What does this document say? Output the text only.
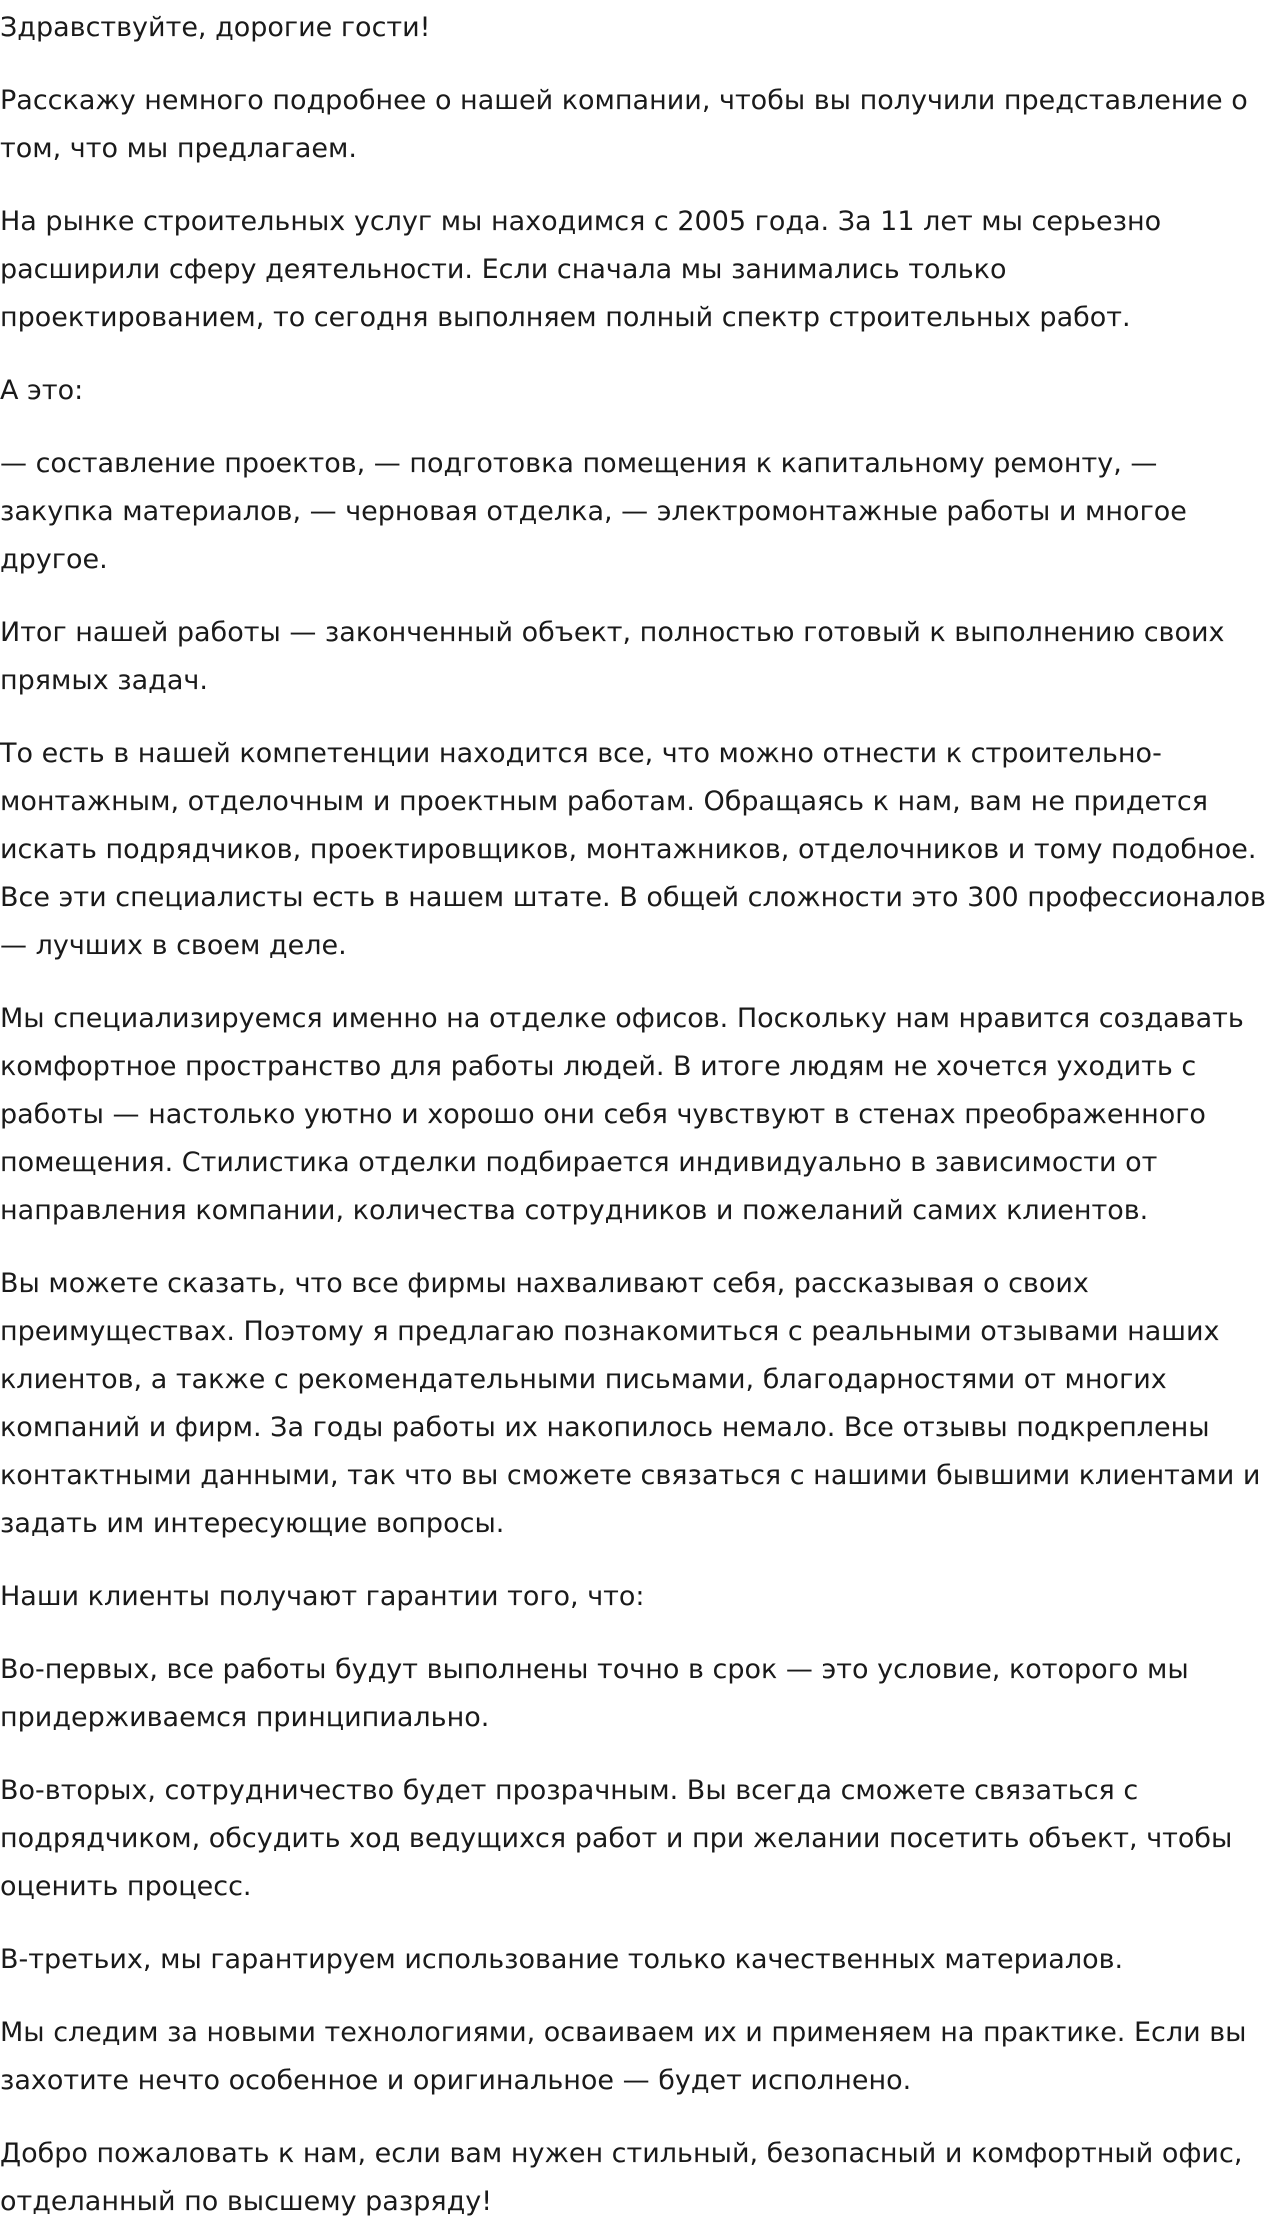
Здравствуйте, дорогие гости!

Расскажу немного подробнее о нашей компании, чтобы вы получили представление о том, что мы предлагаем.

На рынке строительных услуг мы находимся с 2005 года. За 11 лет мы серьезно расширили сферу деятельности. Если сначала мы занимались только проектированием, то сегодня выполняем полный спектр строительных работ.

А это:

— составление проектов, — подготовка помещения к капитальному ремонту, — закупка материалов, — черновая отделка, — электромонтажные работы и многое другое.

Итог нашей работы — законченный объект, полностью готовый к выполнению своих прямых задач.

То есть в нашей компетенции находится все, что можно отнести к строительно-монтажным, отделочным и проектным работам. Обращаясь к нам, вам не придется искать подрядчиков, проектировщиков, монтажников, отделочников и тому подобное. Все эти специалисты есть в нашем штате. В общей сложности это 300 профессионалов — лучших в своем деле.

Мы специализируемся именно на отделке офисов. Поскольку нам нравится создавать комфортное пространство для работы людей. В итоге людям не хочется уходить с работы — настолько уютно и хорошо они себя чувствуют в стенах преображенного помещения. Стилистика отделки подбирается индивидуально в зависимости от направления компании, количества сотрудников и пожеланий самих клиентов.

Вы можете сказать, что все фирмы нахваливают себя, рассказывая о своих преимуществах. Поэтому я предлагаю познакомиться с реальными отзывами наших клиентов, а также с рекомендательными письмами, благодарностями от многих компаний и фирм. За годы работы их накопилось немало. Все отзывы подкреплены контактными данными, так что вы сможете связаться с нашими бывшими клиентами и задать им интересующие вопросы.

Наши клиенты получают гарантии того, что:

Во-первых, все работы будут выполнены точно в срок — это условие, которого мы придерживаемся принципиально.

Во-вторых, сотрудничество будет прозрачным. Вы всегда сможете связаться с подрядчиком, обсудить ход ведущихся работ и при желании посетить объект, чтобы оценить процесс.

В-третьих, мы гарантируем использование только качественных материалов.

Мы следим за новыми технологиями, осваиваем их и применяем на практике. Если вы захотите нечто особенное и оригинальное — будет исполнено.

Добро пожаловать к нам, если вам нужен стильный, безопасный и комфортный офис, отделанный по высшему разряду!
